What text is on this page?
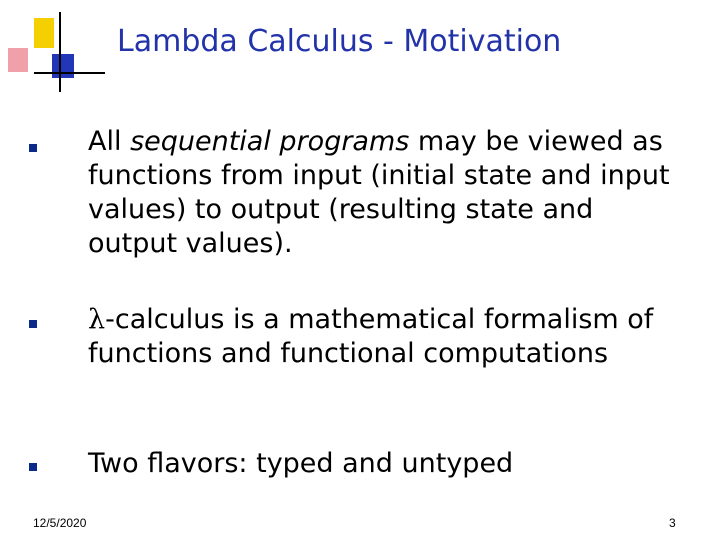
Lambda Calculus - Motivation
All sequential programs may be viewed as functions from input (initial state and input values) to output (resulting state and output values).
λ-calculus is a mathematical formalism of functions and functional computations
Two flavors: typed and untyped
12/5/2020	3
